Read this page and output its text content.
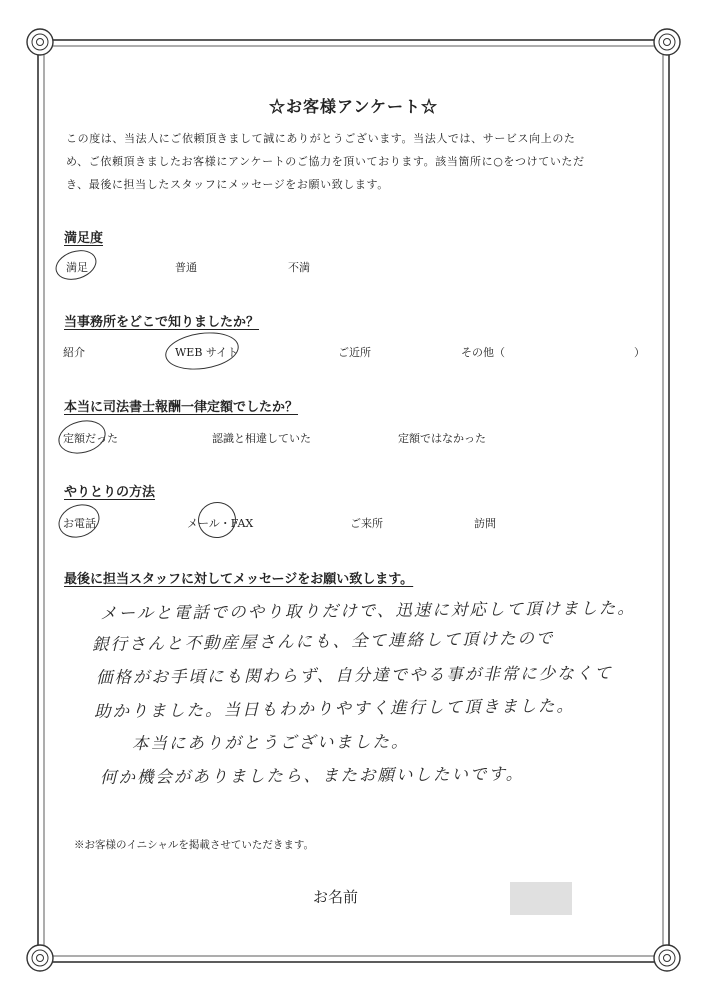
☆お客様アンケート☆
この度は、当法人にご依頼頂きまして誠にありがとうございます。当法人では、サービス向上のた
め、ご依頼頂きましたお客様にアンケートのご協力を頂いております。該当箇所に○をつけていただ
き、最後に担当したスタッフにメッセージをお願い致します。
満足度
満足	普通	不満
当事務所をどこで知りましたか？
紹介	WEB サイト	ご近所	その他（	）
本当に司法書士報酬一律定額でしたか？
定額だった	認識と相違していた	定額ではなかった
やりとりの方法
お電話	メール・FAX	ご来所	訪問
最後に担当スタッフに対してメッセージをお願い致します。
メールと電話でのやり取りだけで、迅速に対応して頂けました。
銀行さんと不動産屋さんにも、全て連絡して頂けたので
価格がお手頃にも関わらず、自分達でやる事が非常に少なくて
助かりました。当日もわかりやすく進行して頂きました。
本当にありがとうございました。
何か機会がありましたら、またお願いしたいです。
※お客様のイニシャルを掲載させていただきます。
お名前
